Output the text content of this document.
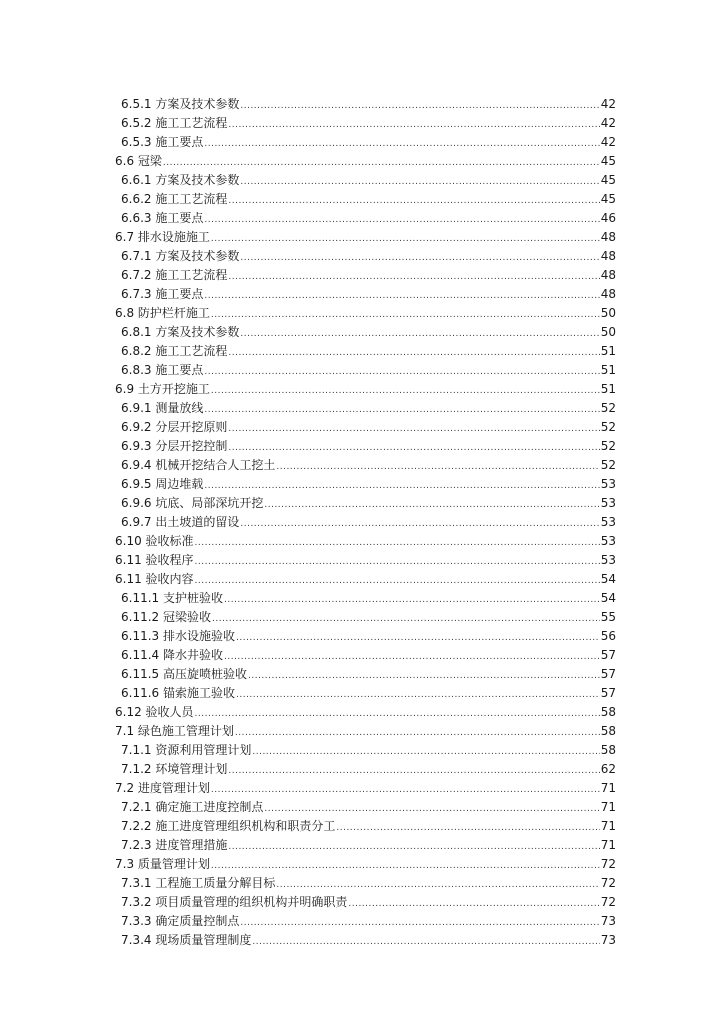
6.5.1 方案及技术参数 .....	42
6.5.2 施工工艺流程 .....	42
6.5.3 施工要点 .....	42
6.6 冠梁 .....	45
6.6.1 方案及技术参数 .....	45
6.6.2 施工工艺流程 .....	45
6.6.3 施工要点 .....	46
6.7 排水设施施工 .....	48
6.7.1 方案及技术参数 .....	48
6.7.2 施工工艺流程 .....	48
6.7.3 施工要点 .....	48
6.8 防护栏杆施工 .....	50
6.8.1 方案及技术参数 .....	50
6.8.2 施工工艺流程 .....	51
6.8.3 施工要点 .....	51
6.9 土方开挖施工 .....	51
6.9.1 测量放线 .....	52
6.9.2 分层开挖原则 .....	52
6.9.3 分层开挖控制 .....	52
6.9.4 机械开挖结合人工挖土 .....	52
6.9.5 周边堆载 .....	53
6.9.6 坑底、局部深坑开挖 .....	53
6.9.7 出土坡道的留设 .....	53
6.10 验收标准 .....	53
6.11 验收程序 .....	53
6.11 验收内容 .....	54
6.11.1 支护桩验收 .....	54
6.11.2 冠梁验收 .....	55
6.11.3 排水设施验收 .....	56
6.11.4 降水井验收 .....	57
6.11.5 高压旋喷桩验收 .....	57
6.11.6 锚索施工验收 .....	57
6.12 验收人员 .....	58
7.1 绿色施工管理计划 .....	58
7.1.1 资源利用管理计划 .....	58
7.1.2 环境管理计划 .....	62
7.2 进度管理计划 .....	71
7.2.1 确定施工进度控制点 .....	71
7.2.2 施工进度管理组织机构和职责分工 .....	71
7.2.3 进度管理措施 .....	71
7.3 质量管理计划 .....	72
7.3.1 工程施工质量分解目标 .....	72
7.3.2 项目质量管理的组织机构并明确职责 .....	72
7.3.3 确定质量控制点 .....	73
7.3.4 现场质量管理制度 .....	73
